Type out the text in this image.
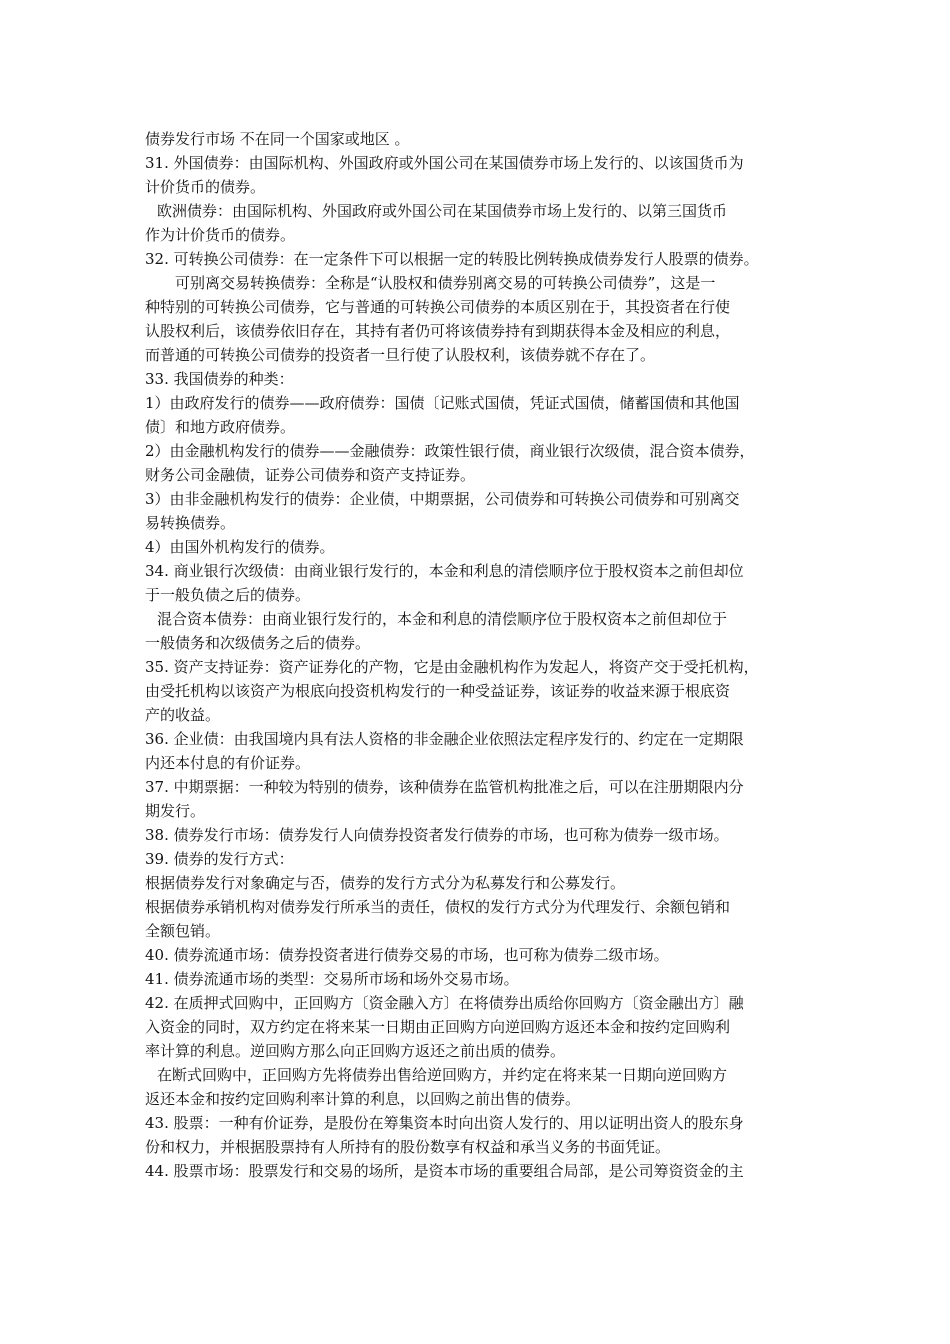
债券发行市场 不在同一个国家或地区 。
31. 外国债券：由国际机构、外国政府或外国公司在某国债券市场上发行的、以该国货币为
计价货币的债券。
欧洲债券：由国际机构、外国政府或外国公司在某国债券市场上发行的、以第三国货币
作为计价货币的债券。
32. 可转换公司债券：在一定条件下可以根据一定的转股比例转换成债券发行人股票的债券。
可别离交易转换债券：全称是“认股权和债券别离交易的可转换公司债券”，这是一
种特别的可转换公司债券，它与普通的可转换公司债券的本质区别在于，其投资者在行使
认股权利后，该债券依旧存在，其持有者仍可将该债券持有到期获得本金及相应的利息，
而普通的可转换公司债券的投资者一旦行使了认股权利，该债券就不存在了。
33. 我国债券的种类：
1）由政府发行的债券——政府债券：国债〔记账式国债，凭证式国债，储蓄国债和其他国
债〕和地方政府债券。
2）由金融机构发行的债券——金融债券：政策性银行债，商业银行次级债，混合资本债券，
财务公司金融债，证券公司债券和资产支持证券。
3）由非金融机构发行的债券：企业债，中期票据，公司债券和可转换公司债券和可别离交
易转换债券。
4）由国外机构发行的债券。
34. 商业银行次级债：由商业银行发行的，本金和利息的清偿顺序位于股权资本之前但却位
于一般负债之后的债券。
混合资本债券：由商业银行发行的，本金和利息的清偿顺序位于股权资本之前但却位于
一般债务和次级债务之后的债券。
35. 资产支持证券：资产证券化的产物，它是由金融机构作为发起人，将资产交于受托机构，
由受托机构以该资产为根底向投资机构发行的一种受益证券，该证券的收益来源于根底资
产的收益。
36. 企业债：由我国境内具有法人资格的非金融企业依照法定程序发行的、约定在一定期限
内还本付息的有价证券。
37. 中期票据：一种较为特别的债券，该种债券在监管机构批准之后，可以在注册期限内分
期发行。
38. 债券发行市场：债券发行人向债券投资者发行债券的市场，也可称为债券一级市场。
39. 债券的发行方式：
根据债券发行对象确定与否，债券的发行方式分为私募发行和公募发行。
根据债券承销机构对债券发行所承当的责任，债权的发行方式分为代理发行、余额包销和
全额包销。
40. 债券流通市场：债券投资者进行债券交易的市场，也可称为债券二级市场。
41. 债券流通市场的类型：交易所市场和场外交易市场。
42. 在质押式回购中，正回购方〔资金融入方〕在将债券出质给你回购方〔资金融出方〕融
入资金的同时，双方约定在将来某一日期由正回购方向逆回购方返还本金和按约定回购利
率计算的利息。逆回购方那么向正回购方返还之前出质的债券。
在断式回购中，正回购方先将债券出售给逆回购方，并约定在将来某一日期向逆回购方
返还本金和按约定回购利率计算的利息，以回购之前出售的债券。
43. 股票：一种有价证券，是股份在筹集资本时向出资人发行的、用以证明出资人的股东身
份和权力，并根据股票持有人所持有的股份数享有权益和承当义务的书面凭证。
44. 股票市场：股票发行和交易的场所，是资本市场的重要组合局部，是公司筹资资金的主
